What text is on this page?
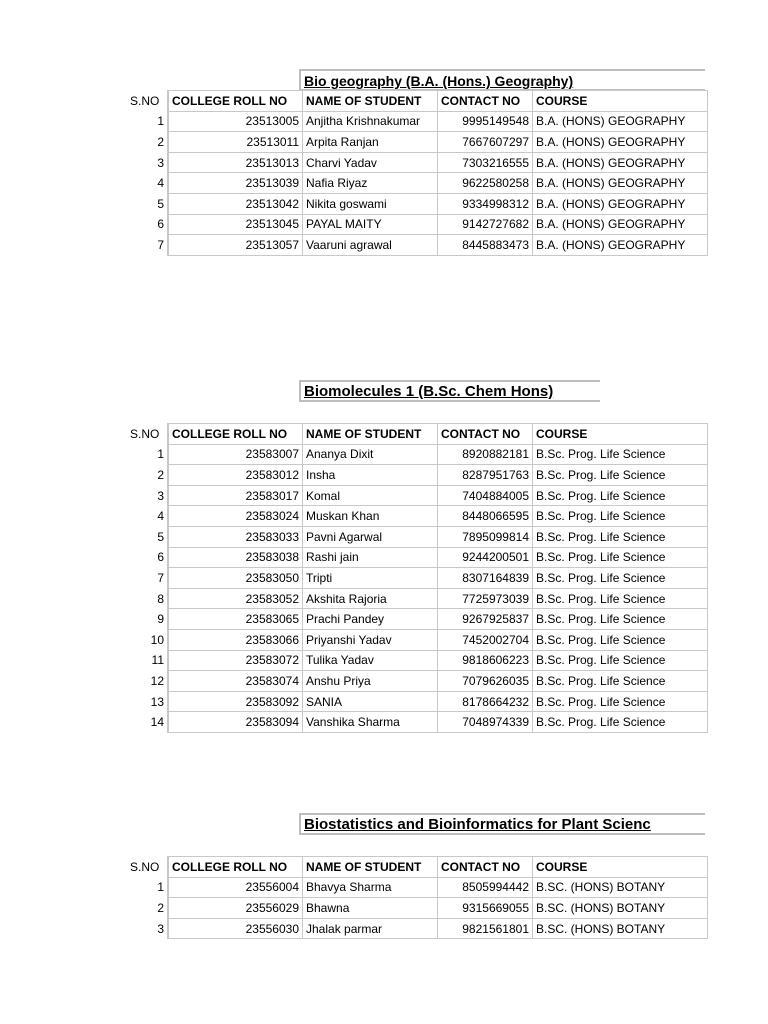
Bio geography (B.A. (Hons.) Geography)
S.NO	COLLEGE ROLL NO	NAME OF STUDENT	CONTACT NO	COURSE
1	23513005	Anjitha Krishnakumar	9995149548	B.A. (HONS) GEOGRAPHY
2	23513011	Arpita Ranjan	7667607297	B.A. (HONS) GEOGRAPHY
3	23513013	Charvi Yadav	7303216555	B.A. (HONS) GEOGRAPHY
4	23513039	Nafia Riyaz	9622580258	B.A. (HONS) GEOGRAPHY
5	23513042	Nikita goswami	9334998312	B.A. (HONS) GEOGRAPHY
6	23513045	PAYAL MAITY	9142727682	B.A. (HONS) GEOGRAPHY
7	23513057	Vaaruni agrawal	8445883473	B.A. (HONS) GEOGRAPHY
Biomolecules 1 (B.Sc. Chem Hons)
S.NO	COLLEGE ROLL NO	NAME OF STUDENT	CONTACT NO	COURSE
1	23583007	Ananya Dixit	8920882181	B.Sc. Prog. Life Science
2	23583012	Insha	8287951763	B.Sc. Prog. Life Science
3	23583017	Komal	7404884005	B.Sc. Prog. Life Science
4	23583024	Muskan Khan	8448066595	B.Sc. Prog. Life Science
5	23583033	Pavni Agarwal	7895099814	B.Sc. Prog. Life Science
6	23583038	Rashi jain	9244200501	B.Sc. Prog. Life Science
7	23583050	Tripti	8307164839	B.Sc. Prog. Life Science
8	23583052	Akshita Rajoria	7725973039	B.Sc. Prog. Life Science
9	23583065	Prachi Pandey	9267925837	B.Sc. Prog. Life Science
10	23583066	Priyanshi Yadav	7452002704	B.Sc. Prog. Life Science
11	23583072	Tulika Yadav	9818606223	B.Sc. Prog. Life Science
12	23583074	Anshu Priya	7079626035	B.Sc. Prog. Life Science
13	23583092	SANIA	8178664232	B.Sc. Prog. Life Science
14	23583094	Vanshika Sharma	7048974339	B.Sc. Prog. Life Science
Biostatistics and Bioinformatics for Plant Scienc
S.NO	COLLEGE ROLL NO	NAME OF STUDENT	CONTACT NO	COURSE
1	23556004	Bhavya Sharma	8505994442	B.SC. (HONS) BOTANY
2	23556029	Bhawna	9315669055	B.SC. (HONS) BOTANY
3	23556030	Jhalak parmar	9821561801	B.SC. (HONS) BOTANY
